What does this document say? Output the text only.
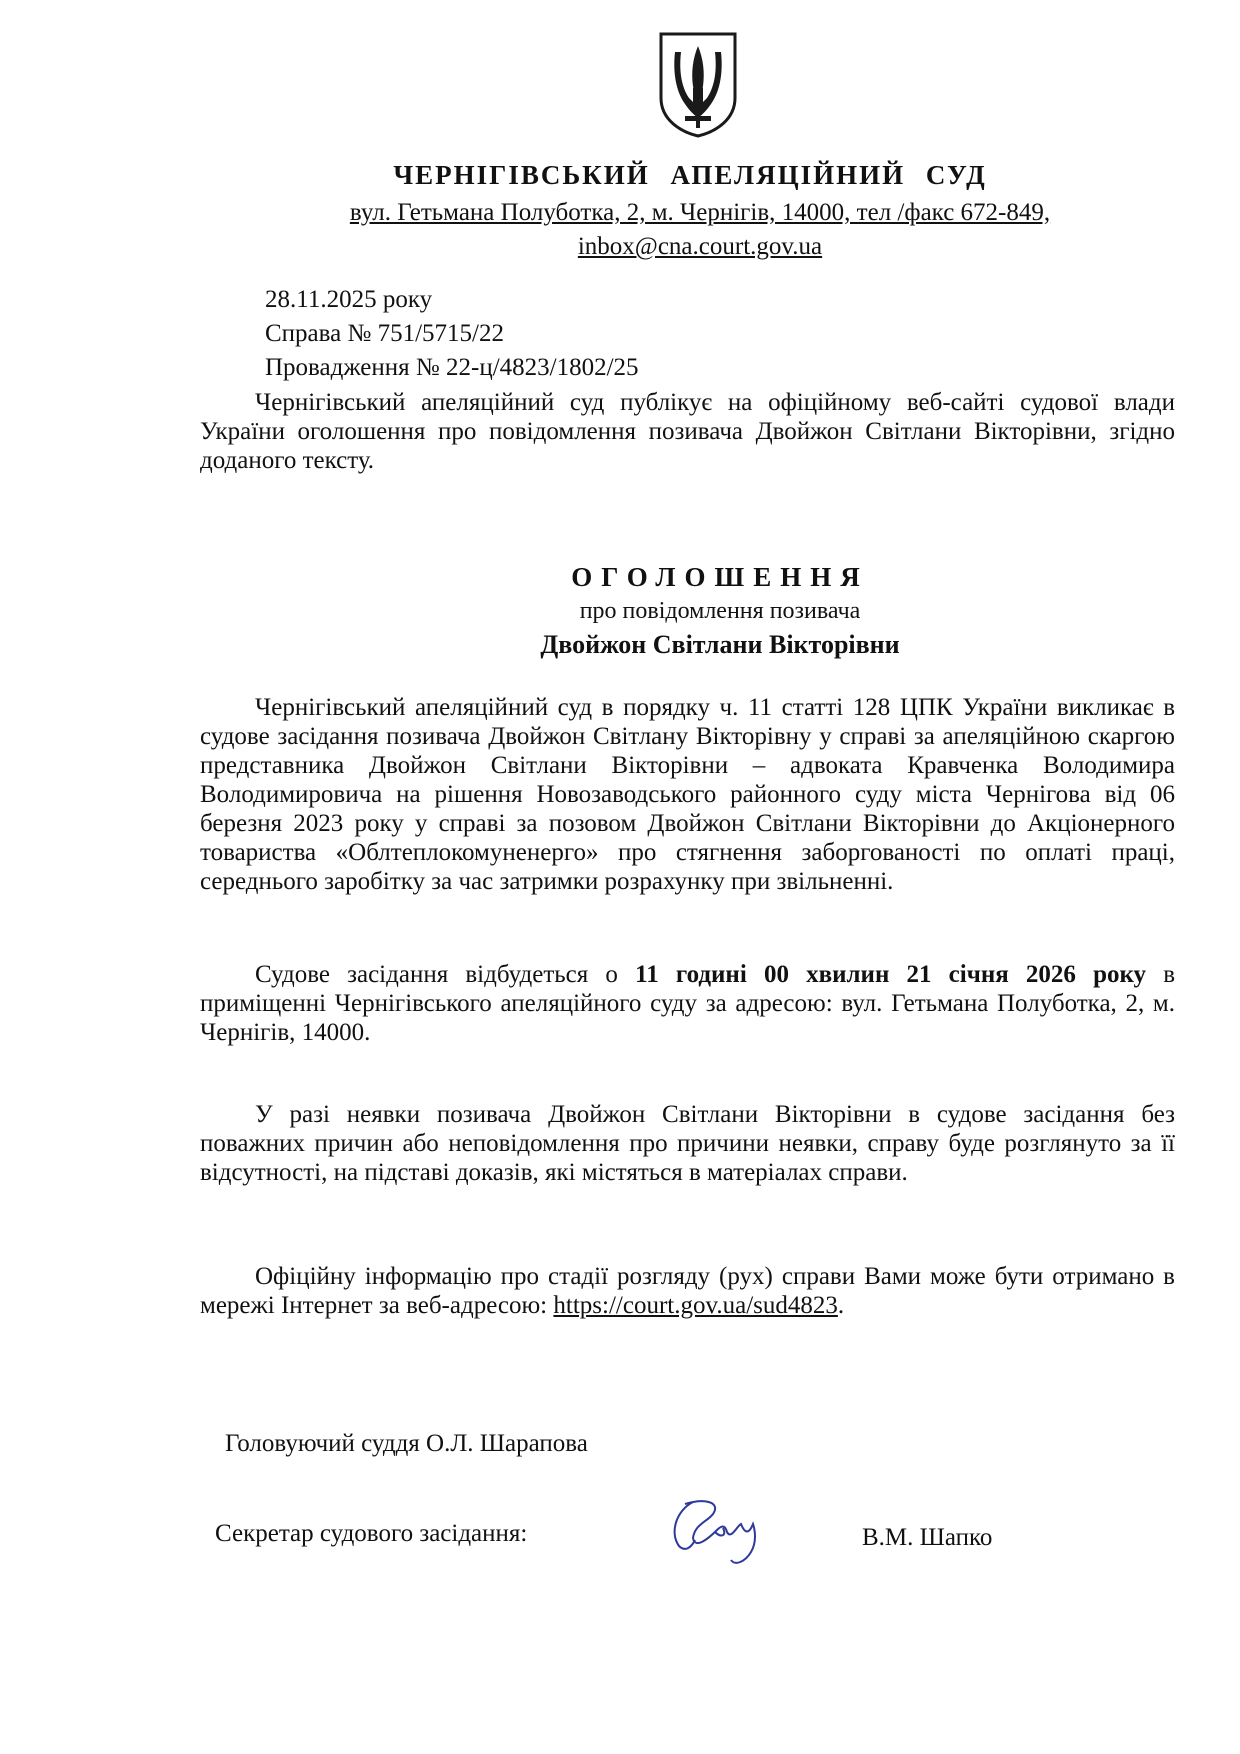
ЧЕРНІГІВСЬКИЙ АПЕЛЯЦІЙНИЙ СУД
вул. Гетьмана Полуботка, 2, м. Чернігів, 14000, тел /факс 672-849,
inbox@cna.court.gov.ua
28.11.2025 року
Справа № 751/5715/22
Провадження № 22-ц/4823/1802/25

Чернігівський апеляційний суд публікує на офіційному веб-сайті судової влади України оголошення про повідомлення позивача Двойжон Світлани Вікторівни, згідно доданого тексту.

ОГОЛОШЕННЯ
про повідомлення позивача
Двойжон Світлани Вікторівни

Чернігівський апеляційний суд в порядку ч. 11 статті 128 ЦПК України викликає в судове засідання позивача Двойжон Світлану Вікторівну у справі за апеляційною скаргою представника Двойжон Світлани Вікторівни – адвоката Кравченка Володимира Володимировича на рішення Новозаводського районного суду міста Чернігова від 06 березня 2023 року у справі за позовом Двойжон Світлани Вікторівни до Акціонерного товариства «Облтеплокомуненерго» про стягнення заборгованості по оплаті праці, середнього заробітку за час затримки розрахунку при звільненні.

Судове засідання відбудеться о 11 годині 00 хвилин 21 січня 2026 року в приміщенні Чернігівського апеляційного суду за адресою: вул. Гетьмана Полуботка, 2, м. Чернігів, 14000.

У разі неявки позивача Двойжон Світлани Вікторівни в судове засідання без поважних причин або неповідомлення про причини неявки, справу буде розглянуто за її відсутності, на підставі доказів, які містяться в матеріалах справи.

Офіційну інформацію про стадії розгляду (рух) справи Вами може бути отримано в мережі Інтернет за веб-адресою: https://court.gov.ua/sud4823.

Головуючий суддя О.Л. Шарапова
Секретар судового засідання:	В.М. Шапко
